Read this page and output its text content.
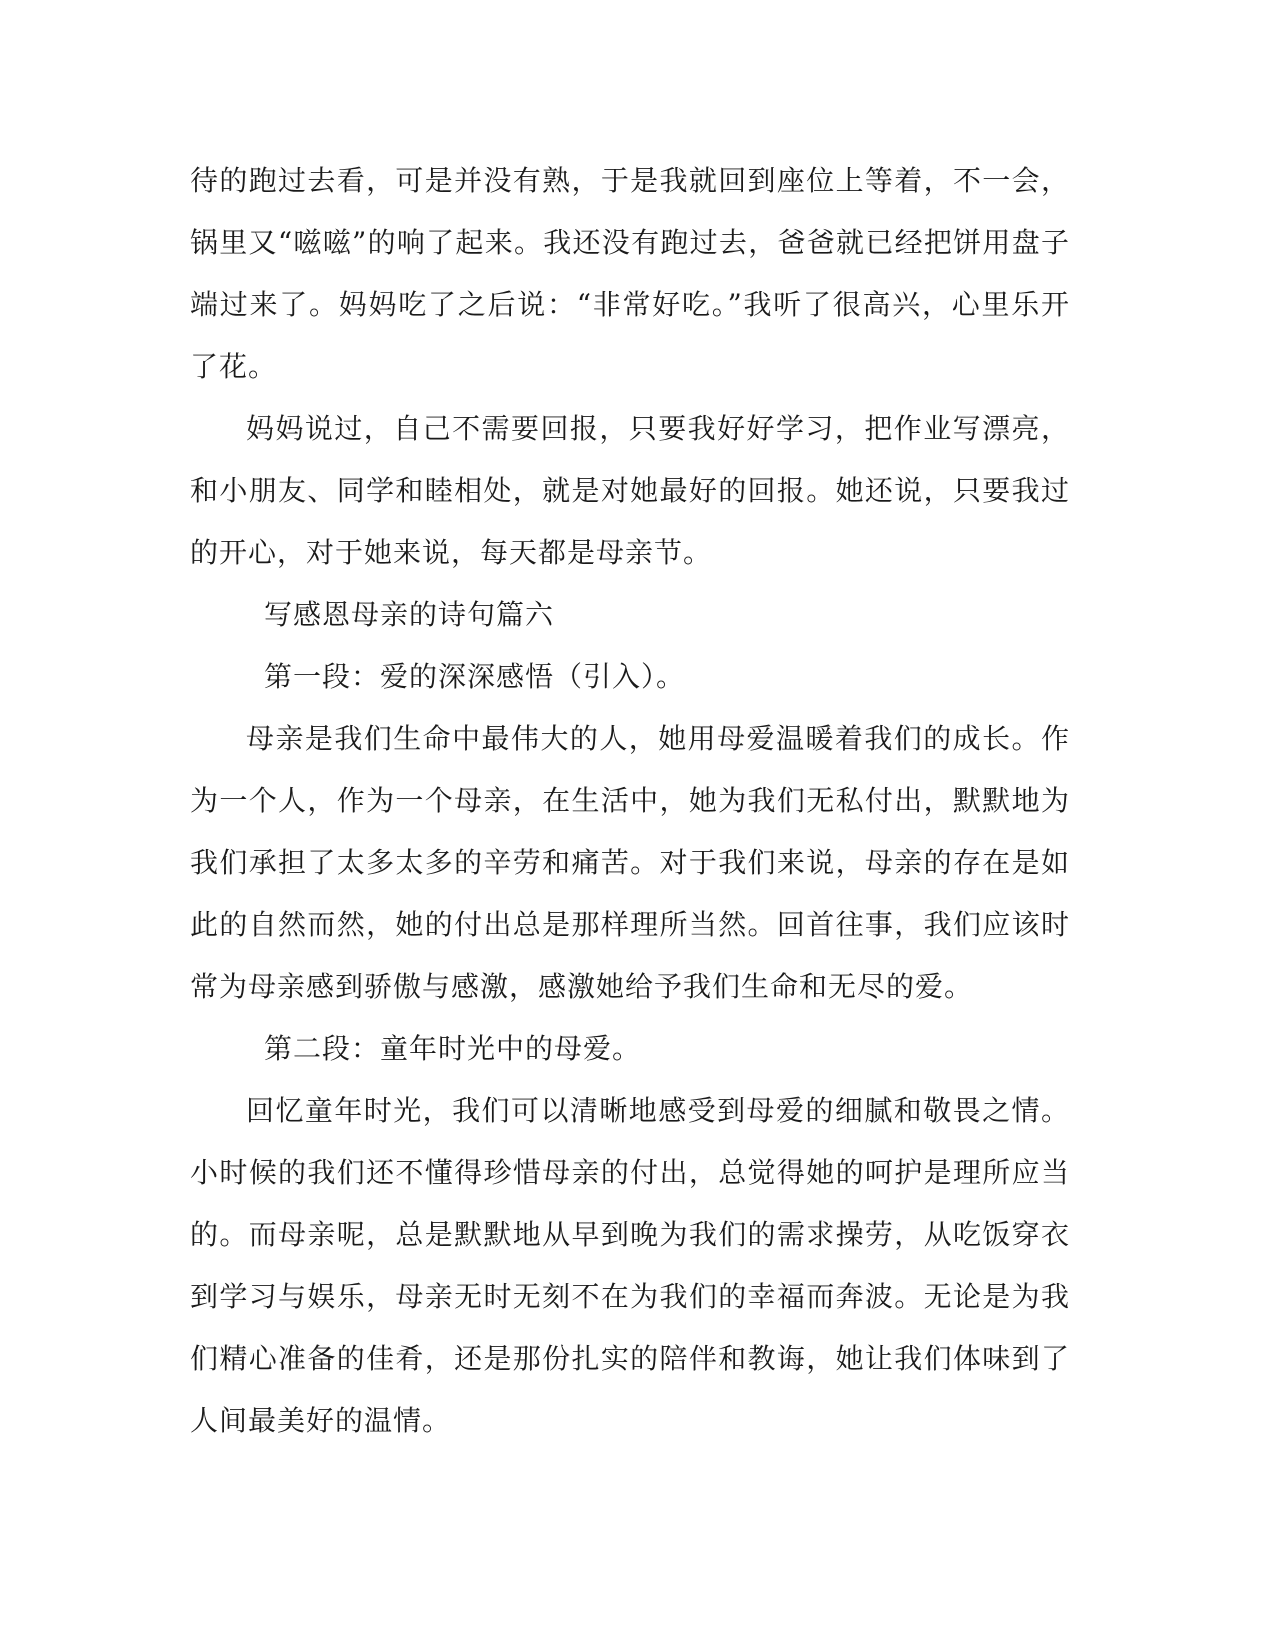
待的跑过去看，可是并没有熟，于是我就回到座位上等着，不一会，锅里又“嗞嗞”的响了起来。我还没有跑过去，爸爸就已经把饼用盘子端过来了。妈妈吃了之后说：“非常好吃。”我听了很高兴，心里乐开了花。

妈妈说过，自己不需要回报，只要我好好学习，把作业写漂亮，和小朋友、同学和睦相处，就是对她最好的回报。她还说，只要我过的开心，对于她来说，每天都是母亲节。

写感恩母亲的诗句篇六

第一段：爱的深深感悟（引入）。

母亲是我们生命中最伟大的人，她用母爱温暖着我们的成长。作为一个人，作为一个母亲，在生活中，她为我们无私付出，默默地为我们承担了太多太多的辛劳和痛苦。对于我们来说，母亲的存在是如此的自然而然，她的付出总是那样理所当然。回首往事，我们应该时常为母亲感到骄傲与感激，感激她给予我们生命和无尽的爱。

第二段：童年时光中的母爱。

回忆童年时光，我们可以清晰地感受到母爱的细腻和敬畏之情。小时候的我们还不懂得珍惜母亲的付出，总觉得她的呵护是理所应当的。而母亲呢，总是默默地从早到晚为我们的需求操劳，从吃饭穿衣到学习与娱乐，母亲无时无刻不在为我们的幸福而奔波。无论是为我们精心准备的佳肴，还是那份扎实的陪伴和教诲，她让我们体味到了人间最美好的温情。
